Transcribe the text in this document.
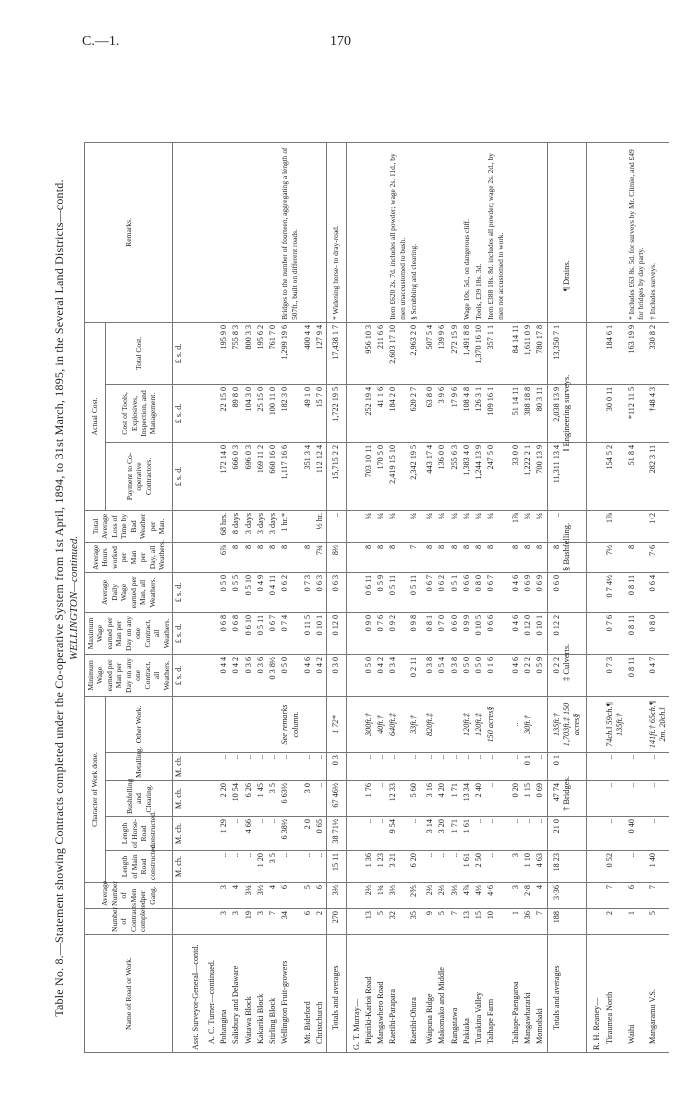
C.—1.	170
Table No. 8.—Statement showing Contracts completed under the Co-operative System from 1st April, 1894, to 31st March, 1895, in the Several Land Districts—contd. WELLINGTON—continued.
Name of Road or Work.	Number of Contracts completed.	Average Number of Men per Gang.	Character of Work done.					Minimum Wage earned per Man per Day on any one Contract, all Weathers.	Maximum Wage earned per Man per Day on any one Contract, all Weathers.	Average Daily Wage earned per Man, all Weathers.	Average Hours worked per Man per Day, all Weathers.	Total Average Loss of Time by Bad Weather per Man.	Actual Cost.			Remarks.
			Length of Main Road constructed.	Length of Horse-Road constructed.	Bushfelling and Clearing.	Metalling.	Other Work.						Payment to Co-operative Contractors.	Cost of Tools, Explosives, Inspection, and Management.	Total Cost.	
			M. ch.	M. ch.	M. ch.	M. ch.		£ s. d.	£ s. d.	£ s. d.			£ s. d.	£ s. d.	£ s. d.	
Asst. Surveyor-General—contd.																
A. C. Turner—continued.																
Pohangina	3	3	..	1 29	2 20	..		0 4 4	0 6 8	0 5 0	6⅞	68 hrs.	172 14 0	22 15 0	195 9 0	
Salisbury and Delaware	3	4	..	..	10 54	..		0 4 2	0 6 8	0 5 5	8	8 days	666 0 3	89 8 0	755 8 3	
Watawa Block	19	3¾	..	4 66	6 26	..		0 3 6	0 6 10	0 5 10	8	3 days	696 0 3	104 3 0	800 3 3	
Kakariki Block	3	3½	1 20	..	1 45	..		0 3 6	0 5 11	0 4 9	8	3 days	169 11 2	25 15 0	195 6 2	
Stirling Block	7	4	3 5	..	3 5	..		0 3 8½	0 6 7	0 4 11	8	3 days	660 16 0	100 11 0	761 7 0	
Wellington Fruit-growers	34	6	..	6 38½	6 63½	..	See remarks column.	0 5 0	0 7 4	0 6 2	8	1 hr.*	1,117 16 6	182 3 0	1,299 19 6	Bridges to the number of fourteen, aggregating a length of 507ft., built on different roads.
Mt. Bideford	6	5	..	2 0	3 0	..		0 4 6	0 11 5	0 7 3	8		351 3 4	49 1 0	400 4 4	
Christchurch	2	6	..	0 65	..	..		0 4 2	0 10 1	0 6 3	7¾	½ hr.	112 12 4	15 7 0	127 9 4	
Totals and averages	270	3⅔	15 11	38 71½	67 46½	0 3	1 72*	0 3 0	0 12 0	0 6 3	8⅔	..	15,715 2 2	1,722 19 5	17,438 1 7	* Widening horse- to dray-road.
G. T. Murray—																
Pipiriki-Karioi Road	13	2⅔	1 36	..	1 76	..	300ft.†	0 5 0	0 9 0	0 6 11	8	¼	703 10 11	252 19 4	956 10 3	
Mangawhero Road	5	1¾	1 23	..	..	..	40ft.†	0 4 2	0 7 6	0 5 9	8	¼	170 5 0	41 1 6	211 6 6	
Raetihi-Parapara	32	3⅓	3 21	9 54	12 33	..	640ft.‡	0 3 4	0 9 2	0 5 11	8	¼	2,419 15 10	184 2 0	2,603 17 10	Item £620 2s. 7d. includes all powder; wage 2s. 11d., by men unaccustomed to bush.
Raetihi-Ohura	35	2⅗	6 20	..	5 60	..	33ft.†	0 2 11	0 9 8	0 5 11	7	¼	2,342 19 5	620 2 7	2,963 2 0	§ Scrubbing and clearing.
Waipuna Ridge	9	2⅔	..	3 14	3 16	..	820ft.‡	0 3 8	0 8 1	0 6 7	8	¼	443 17 4	63 8 0	507 5 4	
Makomako and Middle	5	2⅔	..	3 20	4 20	..		0 5 4	0 7 0	0 6 2	8	¼	136 0 0	3 9 6	139 9 6	
Rangatawa	7	3⅓	..	1 71	1 71	..		0 3 8	0 6 0	0 5 1	8	¼	255 6 3	17 9 6	272 15 9	
Pakiaka	13	4⅞	1 61	1 61	13 34	..	120ft.‡	0 5 0	0 9 9	0 6 6	8	¼	1,383 4 0	108 4 8	1,491 8 8	Wage 10s. 5d., on dangerous cliff.
Turakina Valley	15	4⅓	2 50	..	2 40	..	120ft.‡	0 5 0	0 10 5	0 8 0	8	¼	1,244 13 9	126 3 1	1,370 16 10	Tools, £39 18s. 3d.
Taihape Farm	10	4·6	..	..	..	..	150 acres§	0 1 6	0 6 6	0 6 7	8	¼	247 5 0	109 16 1	357 1 1	Item £388 18s. 8d. includes all powder; wage 2s. 2d., by men not accustomed to work.
Taihape-Paengaroa	1	3	3	..	0 20	..	..	0 4 6	0 4 6	0 4 6	8	1⅞	33 0 0	51 14 11	84 14 11	
Mangawhararki	36	2·8	1 10	..	1 15	0 1	30ft.†	0 2 2	0 12 0	0 6 9	8	¼	1,222 2 1	388 18 8	1,611 0 9	
Momohaki	7	4	4 63	..	0 69	..		0 5 9	0 10 1	0 6 9	8	¼	700 13 9	80 3 11	780 17 8	
Totals and averages	188	3·36	18 23	21 0	47 74	0 1	135ft.† 1,703ft.‡ 150 acres§	0 2 2	0 12 2	0 6 0	8	..	11,311 13 4	2,038 13 9	13,350 7 1	
R. H. Reaney—																
Tiraumea North	2	7	0 52	..	..	..	74ch.‖ 59ch.¶ 135ft.†	0 7 3	0 7 6	0 7 4½	7½	1⅞	154 5 2	30 0 11	184 6 1	
Waihi	1	6	..	0 40	..	..		0 8 11	0 8 11	0 8 11	8		51 8 4	*112 11 5	163 19 9	* Includes £63 8s. 5d. for surveys by Mr. Climie, and £49 for bridges by day party.
Mangaramu V.S.	5	7	1 40	..	..	..	141ft.† 65ch.¶ 2m. 20ch.‖	0 4 7	0 8 0	0 6 4	7·6	1·2	282 3 11	†48 4 3	330 8 2	† Includes surveys.
† Bridges.
‡ Culverts.
§ Bushfelling.
‖ Engineering surveys.
¶ Drains.
